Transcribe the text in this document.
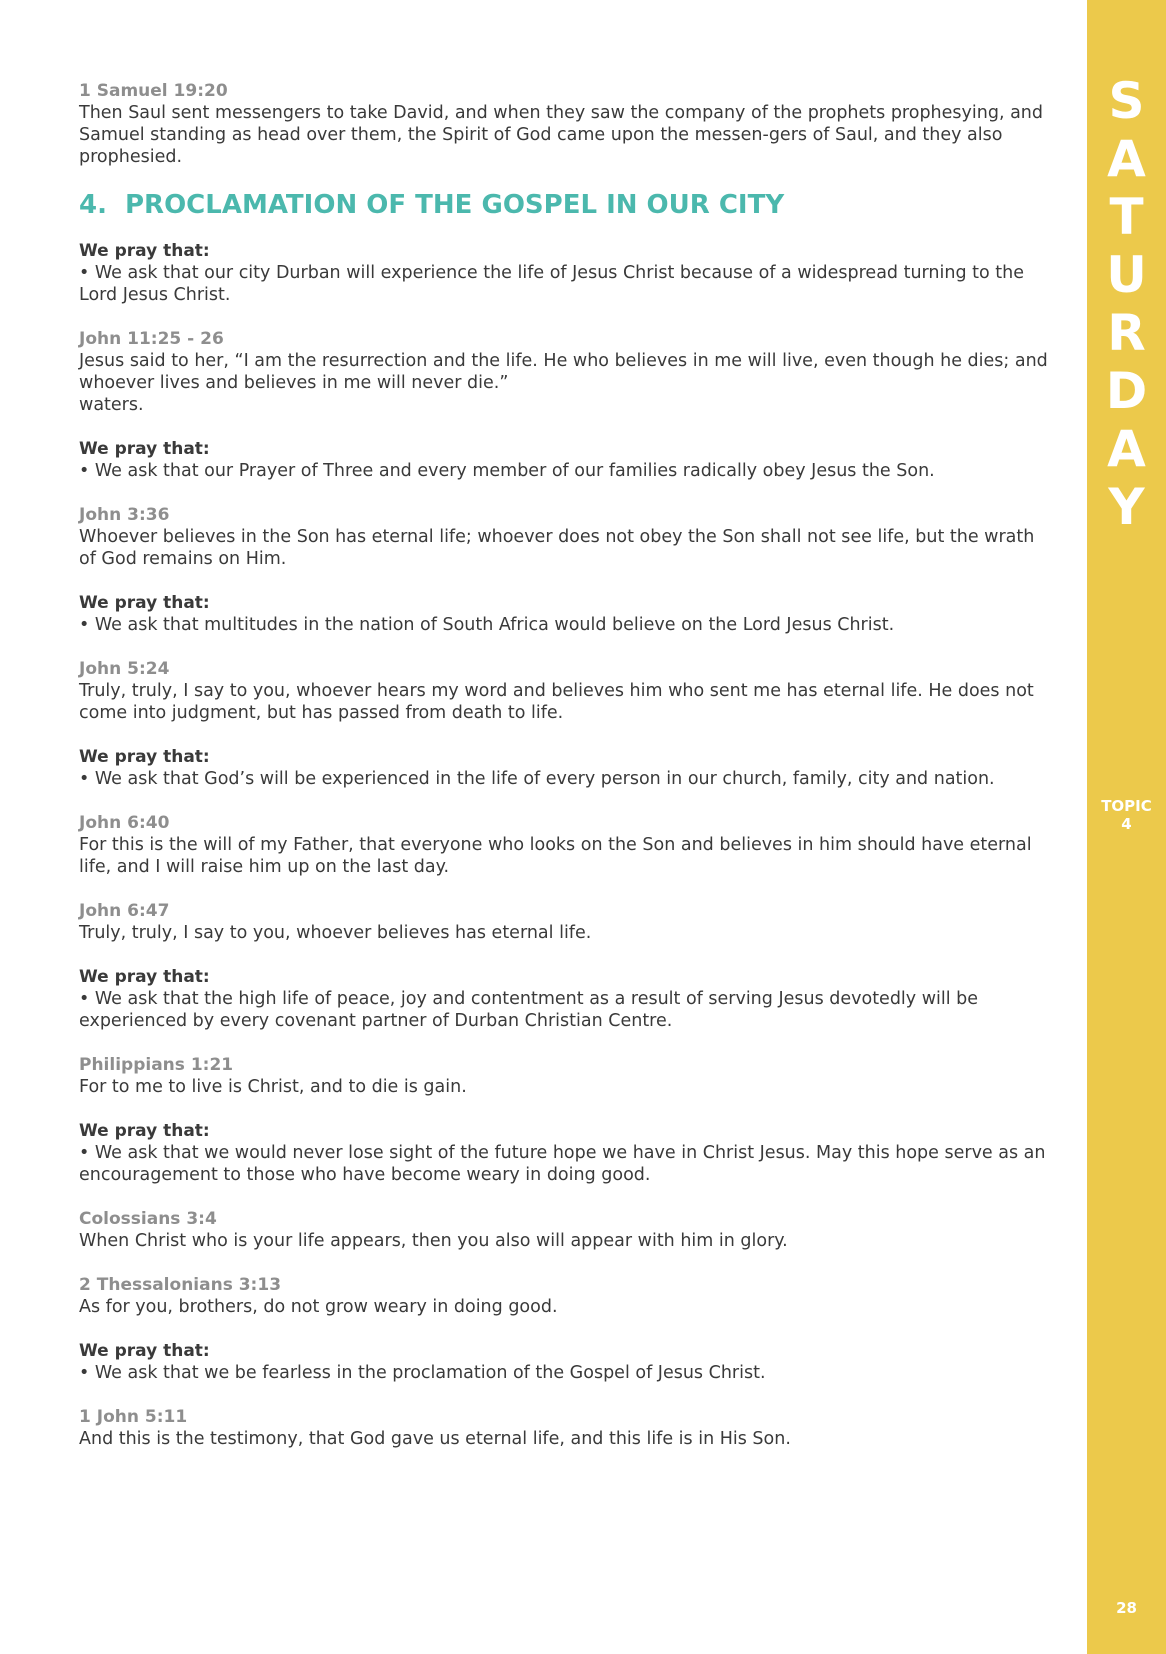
1 Samuel 19:20
Then Saul sent messengers to take David, and when they saw the company of the prophets prophesying, and Samuel standing as head over them, the Spirit of God came upon the messen-gers of Saul, and they also prophesied.
4. PROCLAMATION OF THE GOSPEL IN OUR CITY
We pray that:
• We ask that our city Durban will experience the life of Jesus Christ because of a widespread turning to the Lord Jesus Christ.
John 11:25 - 26
Jesus said to her, “I am the resurrection and the life. He who believes in me will live, even though he dies; and whoever lives and believes in me will never die.”
waters.
We pray that:
• We ask that our Prayer of Three and every member of our families radically obey Jesus the Son.
John 3:36
Whoever believes in the Son has eternal life; whoever does not obey the Son shall not see life, but the wrath of God remains on Him.
We pray that:
• We ask that multitudes in the nation of South Africa would believe on the Lord Jesus Christ.
John 5:24
Truly, truly, I say to you, whoever hears my word and believes him who sent me has eternal life. He does not come into judgment, but has passed from death to life.
We pray that:
• We ask that God’s will be experienced in the life of every person in our church, family, city and nation.
John 6:40
For this is the will of my Father, that everyone who looks on the Son and believes in him should have eternal life, and I will raise him up on the last day.
John 6:47
Truly, truly, I say to you, whoever believes has eternal life.
We pray that:
• We ask that the high life of peace, joy and contentment as a result of serving Jesus devotedly will be experienced by every covenant partner of Durban Christian Centre.
Philippians 1:21
For to me to live is Christ, and to die is gain.
We pray that:
• We ask that we would never lose sight of the future hope we have in Christ Jesus. May this hope serve as an encouragement to those who have become weary in doing good.
Colossians 3:4
When Christ who is your life appears, then you also will appear with him in glory.
2 Thessalonians 3:13
As for you, brothers, do not grow weary in doing good.
We pray that:
• We ask that we be fearless in the proclamation of the Gospel of Jesus Christ.
1 John 5:11
And this is the testimony, that God gave us eternal life, and this life is in His Son.
S
A
T
U
R
D
A
Y
TOPIC
4
28
